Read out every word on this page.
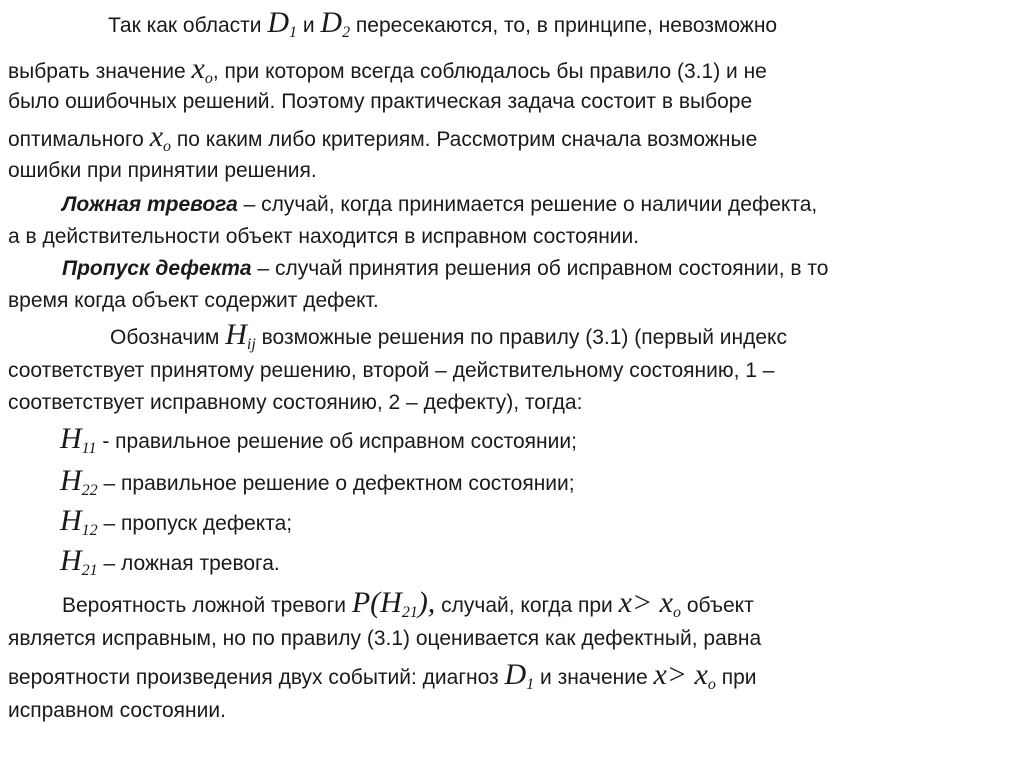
Так как области $D_1$ и $D_2$ пересекаются, то, в принципе, невозможно
выбрать значение $x_o$, при котором всегда соблюдалось бы правило (3.1) и не
было ошибочных решений. Поэтому практическая задача состоит в выборе
оптимального $x_o$ по каким либо критериям. Рассмотрим сначала возможные
ошибки при принятии решения.
Ложная тревога – случай, когда принимается решение о наличии дефекта,
а в действительности объект находится в исправном состоянии.
Пропуск дефекта – случай принятия решения об исправном состоянии, в то
время когда объект содержит дефект.
Обозначим $H_{ij}$ возможные решения по правилу (3.1) (первый индекс
соответствует принятому решению, второй – действительному состоянию, 1 –
соответствует исправному состоянию, 2 – дефекту), тогда:
$H_{11}$ - правильное решение об исправном состоянии;
$H_{22}$ – правильное решение о дефектном состоянии;
$H_{12}$ – пропуск дефекта;
$H_{21}$ – ложная тревога.
Вероятность ложной тревоги $P(H_{21})$, случай, когда при $x> x_o$ объект
является исправным, но по правилу (3.1) оценивается как дефектный, равна
вероятности произведения двух событий: диагноз $D_1$ и значение $x> x_o$ при
исправном состоянии.
